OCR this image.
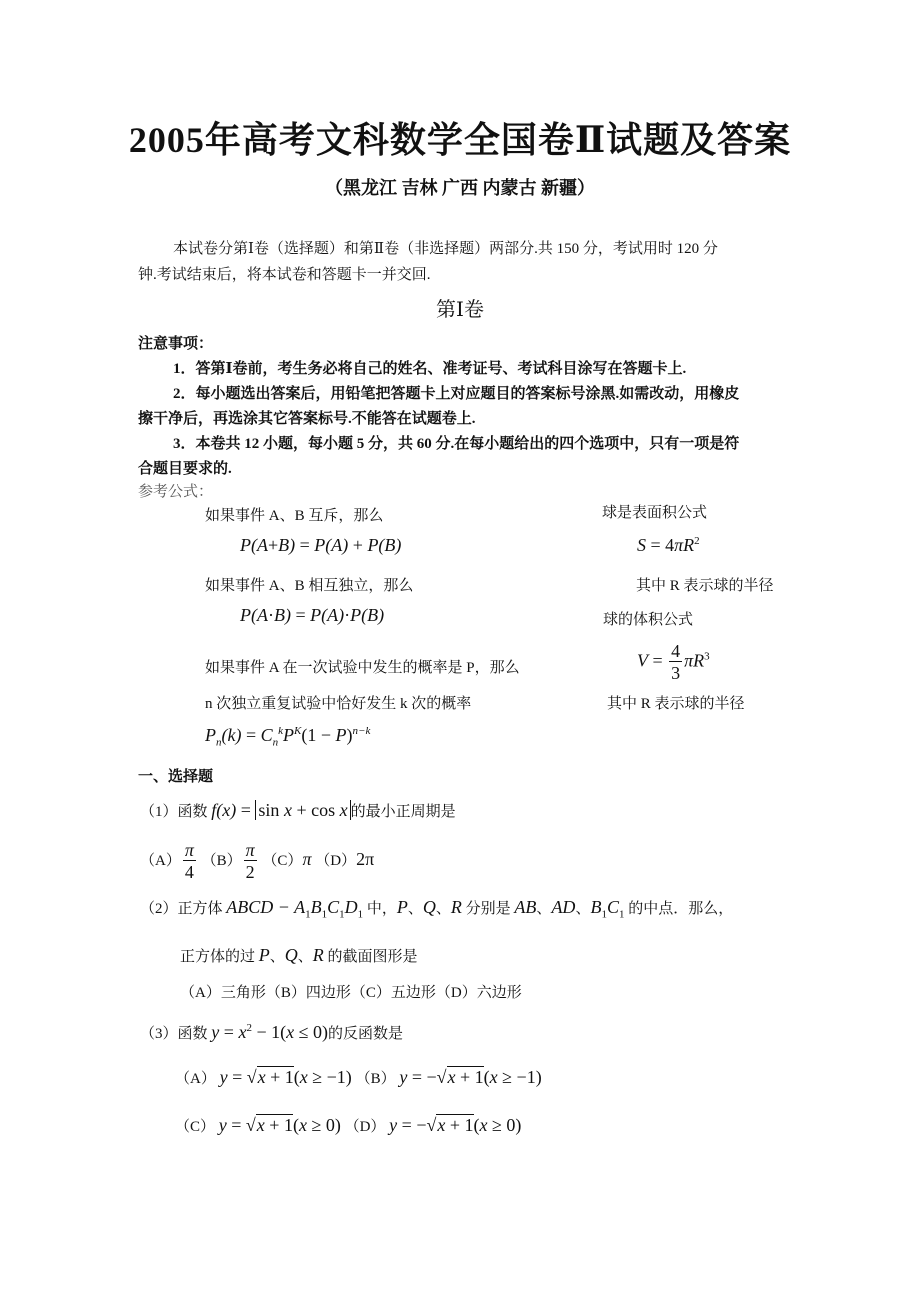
2005年高考文科数学全国卷Ⅱ试题及答案
（黑龙江 吉林 广西 内蒙古 新疆）
本试卷分第Ⅰ卷（选择题）和第Ⅱ卷（非选择题）两部分.共 150 分，考试用时 120 分
钟.考试结束后，将本试卷和答题卡一并交回.
第Ⅰ卷
注意事项：
1．答第Ⅰ卷前，考生务必将自己的姓名、准考证号、考试科目涂写在答题卡上.
2．每小题选出答案后，用铅笔把答题卡上对应题目的答案标号涂黑.如需改动，用橡皮
擦干净后，再选涂其它答案标号.不能答在试题卷上.
3．本卷共 12 小题，每小题 5 分，共 60 分.在每小题给出的四个选项中，只有一项是符
合题目要求的.
参考公式：
如果事件 A、B 互斥，那么
P(A+B) = P(A) + P(B)
如果事件 A、B 相互独立，那么
P(A·B) = P(A)·P(B)
如果事件 A 在一次试验中发生的概率是 P，那么
n 次独立重复试验中恰好发生 k 次的概率
$P_n(k) = C_n^kP^K(1 - P)^{n-k}$
球是表面积公式
$S = 4\pi R^2$
其中 R 表示球的半径
球的体积公式
$V = \frac{4}{3} \pi R^3$
其中 R 表示球的半径
一、选择题
（1）函数 f(x) = sin x + cos x 的最小正周期是
$(A) \frac{\pi}{4} (B) \frac{\pi}{2} (C)\pi$ （D）2π
（2）正方体 ABCD − $A_1B_1C_1D_1$ 中，P、Q、R 分别是 AB、AD、$B_1C_1$ 的中点．那么，
正方体的过 P、Q、R 的截面图形是
（A）三角形（B）四边形（C）五边形（D）六边形
（3）函数 $y = x^2 - 1(x \le 0)$的反函数是
（A） y = √x + 1(x ≥ −1) （B） y = −√x + 1(x ≥ −1)
（C） y = √x + 1(x ≥ 0) （D） y = −√x + 1(x ≥ 0)
